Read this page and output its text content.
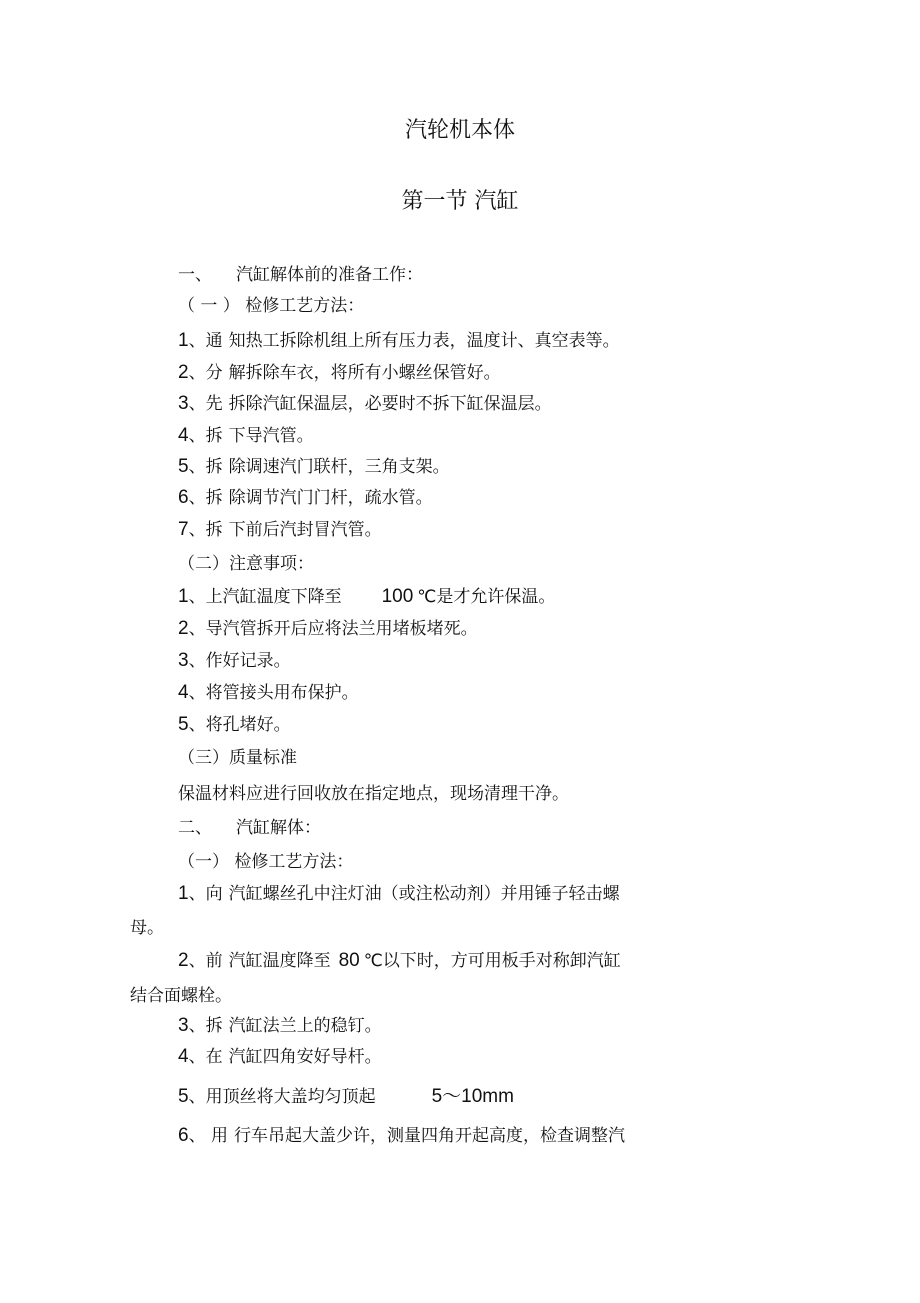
汽轮机本体
第一节 汽缸
一、 汽缸解体前的准备工作：
（ 一 ） 检修工艺方法：
1、通 知热工拆除机组上所有压力表，温度计、真空表等。
2、分 解拆除车衣，将所有小螺丝保管好。
3、先 拆除汽缸保温层，必要时不拆下缸保温层。
4、拆 下导汽管。
5、拆 除调速汽门联杆，三角支架。
6、拆 除调节汽门门杆，疏水管。
7、拆 下前后汽封冒汽管。
（二）注意事项：
1、上汽缸温度下降至 100 ℃是才允许保温。
2、导汽管拆开后应将法兰用堵板堵死。
3、作好记录。
4、将管接头用布保护。
5、将孔堵好。
（三）质量标准
保温材料应进行回收放在指定地点，现场清理干净。
二、 汽缸解体：
（一） 检修工艺方法：
1、向 汽缸螺丝孔中注灯油（或注松动剂）并用锤子轻击螺
母。
2、前 汽缸温度降至 80 ℃以下时，方可用板手对称卸汽缸
结合面螺栓。
3、拆 汽缸法兰上的稳钉。
4、在 汽缸四角安好导杆。
5、用顶丝将大盖均匀顶起	5〜10mm
6、 用 行车吊起大盖少许，测量四角开起高度，检查调整汽
